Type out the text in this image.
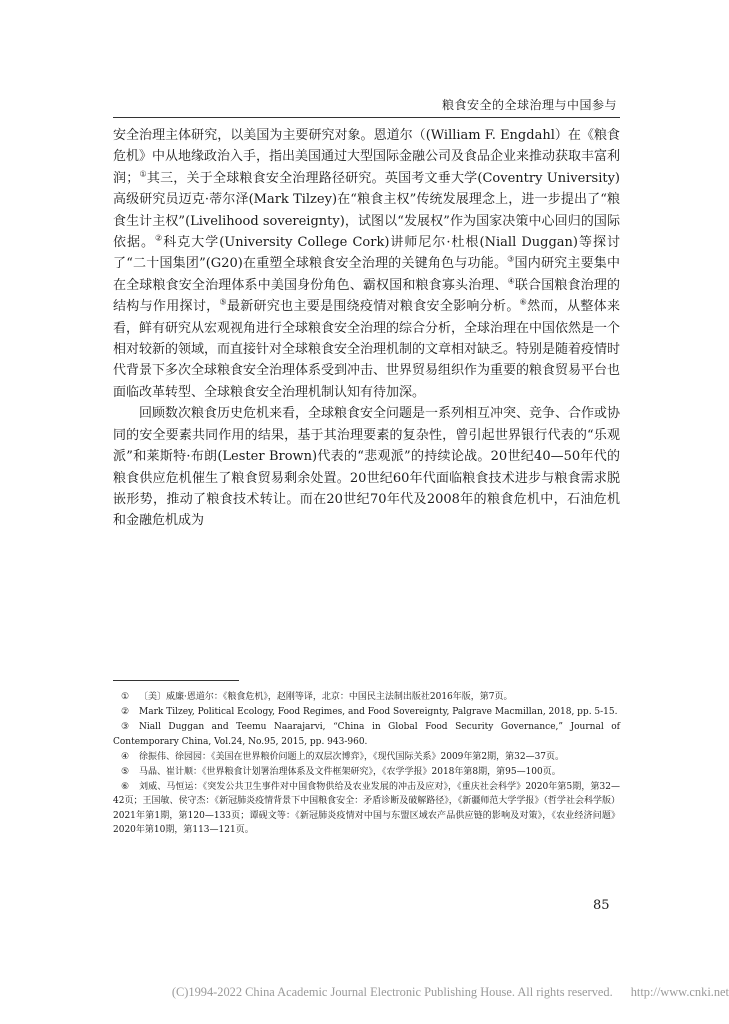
粮食安全的全球治理与中国参与

安全治理主体研究，以美国为主要研究对象。恩道尔（(William F. Engdahl）在《粮食危机》中从地缘政治入手，指出美国通过大型国际金融公司及食品企业来推动获取丰富利润；①其三，关于全球粮食安全治理路径研究。英国考文垂大学(Coventry University)高级研究员迈克·蒂尔泽(Mark Tilzey)在“粮食主权”传统发展理念上，进一步提出了“粮食生计主权”(Livelihood sovereignty)，试图以“发展权”作为国家决策中心回归的国际依据。②科克大学(University College Cork)讲师尼尔·杜根(Niall Duggan)等探讨了“二十国集团”(G20)在重塑全球粮食安全治理的关键角色与功能。③国内研究主要集中在全球粮食安全治理体系中美国身份角色、霸权国和粮食寡头治理、④联合国粮食治理的结构与作用探讨，⑤最新研究也主要是围绕疫情对粮食安全影响分析。⑥然而，从整体来看，鲜有研究从宏观视角进行全球粮食安全治理的综合分析，全球治理在中国依然是一个相对较新的领域，而直接针对全球粮食安全治理机制的文章相对缺乏。特别是随着疫情时代背景下多次全球粮食安全治理体系受到冲击、世界贸易组织作为重要的粮食贸易平台也面临改革转型、全球粮食安全治理机制认知有待加深。

回顾数次粮食历史危机来看，全球粮食安全问题是一系列相互冲突、竞争、合作或协同的安全要素共同作用的结果，基于其治理要素的复杂性，曾引起世界银行代表的“乐观派”和莱斯特·布朗(Lester Brown)代表的“悲观派”的持续论战。20世纪40—50年代的粮食供应危机催生了粮食贸易剩余处置。20世纪60年代面临粮食技术进步与粮食需求脱嵌形势，推动了粮食技术转让。而在20世纪70年代及2008年的粮食危机中，石油危机和金融危机成为

① 〔美〕威廉·恩道尔：《粮食危机》，赵刚等译，北京：中国民主法制出版社2016年版，第7页。
② Mark Tilzey, Political Ecology, Food Regimes, and Food Sovereignty, Palgrave Macmillan, 2018, pp. 5-15.
③ Niall Duggan and Teemu Naarajarvi, “China in Global Food Security Governance,” Journal of Contemporary China, Vol.24, No.95, 2015, pp. 943-960.
④ 徐振伟、徐园园：《美国在世界粮价问题上的双层次博弈》，《现代国际关系》2009年第2期，第32—37页。
⑤ 马晶、崔计顺：《世界粮食计划署治理体系及文件框架研究》，《农学学报》2018年第8期，第95—100页。
⑥ 刘威、马恒运：《突发公共卫生事件对中国食物供给及农业发展的冲击及应对》，《重庆社会科学》2020年第5期，第32—42页；王国敏、侯守杰：《新冠肺炎疫情背景下中国粮食安全：矛盾诊断及破解路径》，《新疆师范大学学报》（哲学社会科学版）2021年第1期，第120—133页；谭砚文等：《新冠肺炎疫情对中国与东盟区域农产品供应链的影响及对策》，《农业经济问题》2020年第10期，第113—121页。
85
(C)1994-2022 China Academic Journal Electronic Publishing House. All rights reserved. http://www.cnki.net
